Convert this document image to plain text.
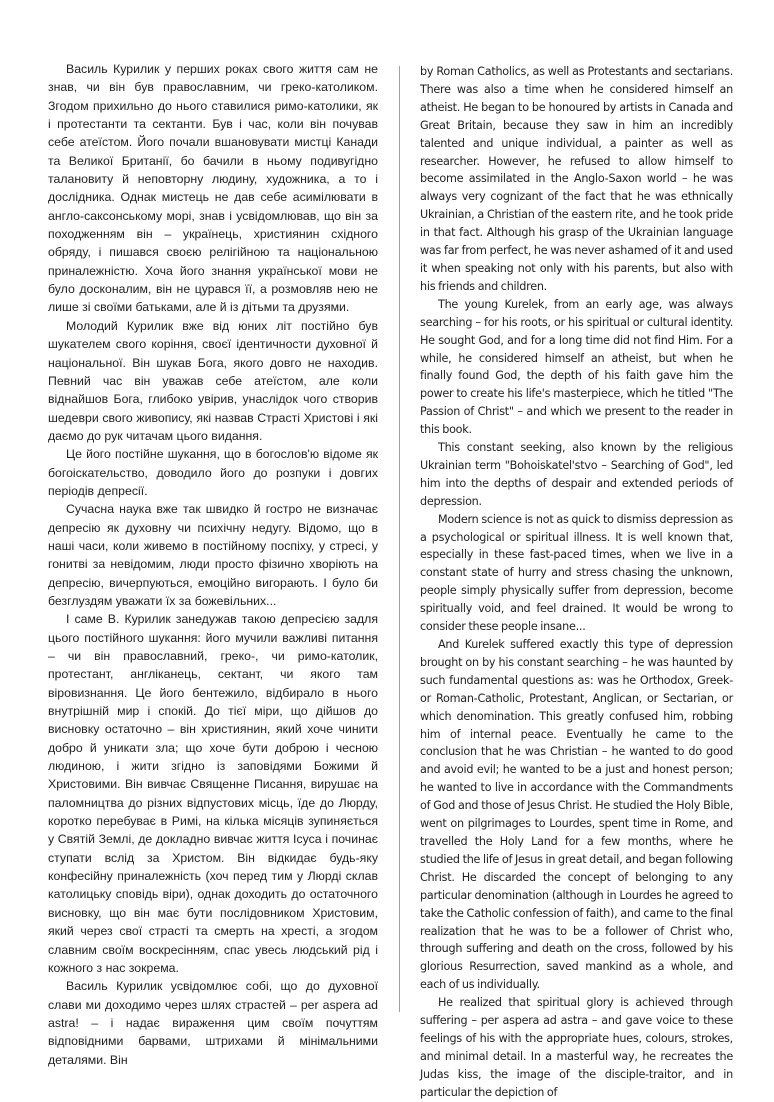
Василь Курилик у перших роках свого життя сам не знав, чи він був православним, чи греко-католиком. Згодом прихильно до нього ставилися римо-католики, як і протестанти та сектанти. Був і час, коли він почував себе атеїстом. Його почали вшановувати мистці Канади та Великої Британії, бо бачили в ньому подивугідно талановиту й неповторну людину, художника, а то і дослідника. Однак мистець не дав себе асимілювати в англо-саксонському морі, знав і усвідомлював, що він за походженням він – українець, християнин східного обряду, і пишався своєю релігійною та національною приналежністю. Хоча його знання української мови не було досконалим, він не цурався її, а розмовляв нею не лише зі своїми батьками, але й із дітьми та друзями.

Молодий Курилик вже від юних літ постійно був шукателем свого коріння, своєї ідентичности духовної й національної. Він шукав Бога, якого довго не находив. Певний час він уважав себе атеїстом, але коли віднайшов Бога, глибоко увірив, унаслідок чого створив шедеври свого живопису, які назвав Страсті Христові і які даємо до рук читачам цього видання.

Це його постійне шукання, що в богослов'ю відоме як богоіскательство, доводило його до розпуки і довгих періодів депресії.

Сучасна наука вже так швидко й гостро не визначає депресію як духовну чи психічну недугу. Відомо, що в наші часи, коли живемо в постійному поспіху, у стресі, у гонитві за невідомим, люди просто фізично хворіють на депресію, вичерпуються, емоційно вигорають. І було би безглуздям уважати їх за божевільних...

І саме В. Курилик занедужав такою депресією задля цього постійного шукання: його мучили важливі питання – чи він православний, греко-, чи римо-католик, протестант, англіканець, сектант, чи якого там віровизнання. Це його бентежило, відбирало в нього внутрішній мир і спокій. До тієї міри, що дійшов до висновку остаточно – він християнин, який хоче чинити добро й уникати зла; що хоче бути доброю і чесною людиною, і жити згідно із заповідями Божими й Христовими. Він вивчає Священне Писання, вирушає на паломництва до різних відпустових місць, їде до Люрду, коротко перебуває в Римі, на кілька місяців зупиняється у Святій Землі, де докладно вивчає життя Ісуса і починає ступати вслід за Христом. Він відкидає будь-яку конфесійну приналежність (хоч перед тим у Люрді склав католицьку сповідь віри), однак доходить до остаточного висновку, що він має бути послідовником Христовим, який через свої страсті та смерть на хресті, а згодом славним своїм воскресінням, спас увесь людський рід і кожного з нас зокрема.

Василь Курилик усвідомлює собі, що до духовної слави ми доходимо через шлях страстей – per aspera ad astra! – і надає вираження цим своїм почуттям відповідними барвами, штрихами й мінімальними деталями. Він

by Roman Catholics, as well as Protestants and sectarians. There was also a time when he considered himself an atheist. He began to be honoured by artists in Canada and Great Britain, because they saw in him an incredibly talented and unique individual, a painter as well as researcher. However, he refused to allow himself to become assimilated in the Anglo-Saxon world – he was always very cognizant of the fact that he was ethnically Ukrainian, a Christian of the eastern rite, and he took pride in that fact. Although his grasp of the Ukrainian language was far from perfect, he was never ashamed of it and used it when speaking not only with his parents, but also with his friends and children.

The young Kurelek, from an early age, was always searching – for his roots, or his spiritual or cultural identity. He sought God, and for a long time did not find Him. For a while, he considered himself an atheist, but when he finally found God, the depth of his faith gave him the power to create his life's masterpiece, which he titled "The Passion of Christ" – and which we present to the reader in this book.

This constant seeking, also known by the religious Ukrainian term "Bohoiskatel'stvo – Searching of God", led him into the depths of despair and extended periods of depression.

Modern science is not as quick to dismiss depression as a psychological or spiritual illness. It is well known that, especially in these fast-paced times, when we live in a constant state of hurry and stress chasing the unknown, people simply physically suffer from depression, become spiritually void, and feel drained. It would be wrong to consider these people insane...

And Kurelek suffered exactly this type of depression brought on by his constant searching – he was haunted by such fundamental questions as: was he Orthodox, Greek- or Roman-Catholic, Protestant, Anglican, or Sectarian, or which denomination. This greatly confused him, robbing him of internal peace. Eventually he came to the conclusion that he was Christian – he wanted to do good and avoid evil; he wanted to be a just and honest person; he wanted to live in accordance with the Commandments of God and those of Jesus Christ. He studied the Holy Bible, went on pilgrimages to Lourdes, spent time in Rome, and travelled the Holy Land for a few months, where he studied the life of Jesus in great detail, and began following Christ. He discarded the concept of belonging to any particular denomination (although in Lourdes he agreed to take the Catholic confession of faith), and came to the final realization that he was to be a follower of Christ who, through suffering and death on the cross, followed by his glorious Resurrection, saved mankind as a whole, and each of us individually.

He realized that spiritual glory is achieved through suffering – per aspera ad astra – and gave voice to these feelings of his with the appropriate hues, colours, strokes, and minimal detail. In a masterful way, he recreates the Judas kiss, the image of the disciple-traitor, and in particular the depiction of
